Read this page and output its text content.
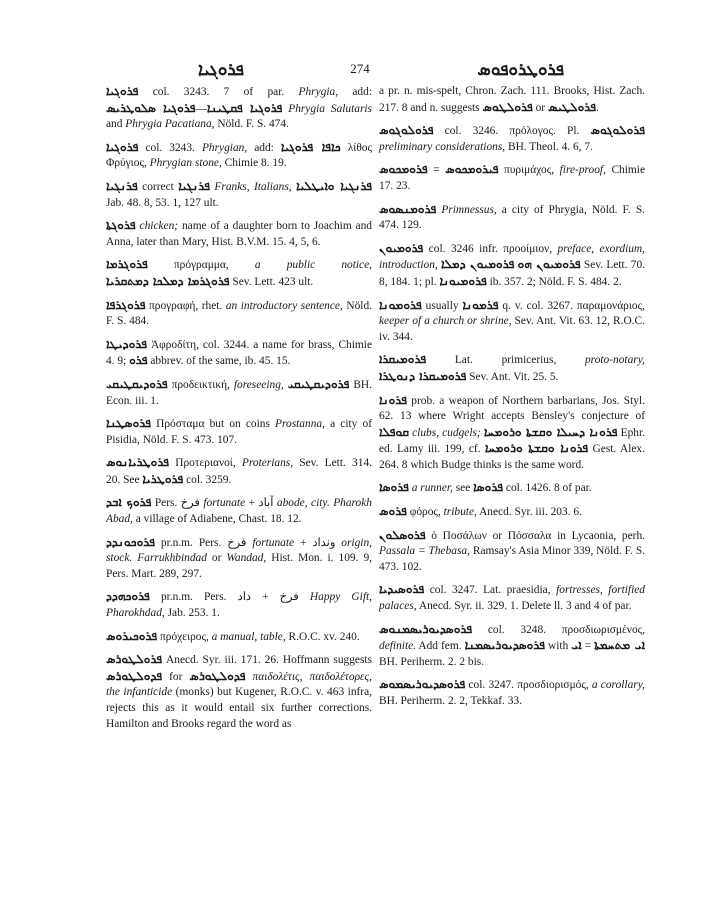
ܦܪܘܓܝܐ	274	ܦܪܘܛܪܘܦܘܣ

ܦܪܘܓܝܐ col. 3243. 7 of par. Phrygia, add: ܦܪܘܓܝܐ ܣܠܘܛܪܝܣ—ܦܪܘܓܝܐ ܦܩܛܝܢܐ Phrygia Salutaris and Phrygia Pacatiana, Nöld. F. S. 474.

ܦܪܘܓܝܐ col. 3243. Phrygian, add: ܟܐܦܐ ܦܪܘܓܝܐ λίθος Φρύγιος, Phrygian stone, Chimie 8. 19.

ܦܪܢܓܝܐ correct ܦܪܢܓܝܐ Franks, Italians, ܦܪܢܓܝܐ ܘܐܝܛܠܝܐ Jab. 48. 8, 53. 1, 127 ult.

ܦܪܘܓܬܐ chicken; name of a daughter born to Joachim and Anna, later than Mary, Hist. B.V.M. 15. 4, 5, 6.

ܦܪܘܓܪܡܐ πρόγραμμα, a public notice, ܦܪܘܓܪܡܐ ܕܡܠܟܐ ܕܡܬܩܪܝܐ Sev. Lett. 423 ult.

ܦܪܘܓܪܦܐ προγραφή, rhet. an introductory sentence, Nöld. F. S. 484.

ܦܪܘܕܝܛܐ Ἀφροδίτη, col. 3244. a name for brass, Chimie 4. 9; ܦܪܘ abbrev. of the same, ib. 45. 15.

ܦܪܘܕܝܩܛܝܩܝ προδεικτική, foreseeing, ܦܪܘܕܝܩܛܝܩܝ BH. Econ. iii. 1.

ܦܪܘܣܛܢܐ Πρόσταμα but on coins Prostanna, a city of Pisidia, Nöld. F. S. 473. 107.

ܦܪܘܛܪܝܐܢܘܣ Προτεριανοί, Proterians, Sev. Lett. 314. 20. See ܦܪܘܛܪܝܐ col. 3259.

ܦܪܘܟ ܐܒܕ Pers. فرخ fortunate + آباد abode, city. Pharokh Abad, a village of Adiabene, Chast. 18. 12.

ܦܪܘܟܘܢܕܕ pr.n.m. Pers. فرخ fortunate + ونداد origin, stock. Farrukhbindad or Wandad, Hist. Mon. i. 109. 9, Pers. Mart. 289, 297.

ܦܪܘܟܗܕܕ pr.n.m. Pers. فرخ + داد Happy Gift, Pharokhdad, Jab. 253. 1.

ܦܪܘܟܝܪܘܣ πρόχειρος, a manual, table, R.O.C. xv. 240.

ܦܪܘܠܛܘܪܣ Anecd. Syr. iii. 171. 26. Hoffmann suggests ܦܕܘܠܛܘܪܣ for ܦܕܘܠܛܘܪܣ παιδολέτις, παιδολέτορες, the infanticide (monks) but Kugener, R.O.C. v. 463 infra, rejects this as it would entail six further corrections. Hamilton and Brooks regard the word as

a pr. n. mis-spelt, Chron. Zach. 111. Brooks, Hist. Zach. 217. 8 and n. suggests ܦܪܘܠܛܘܣ or ܦܪܘܠܛܝܣ.

ܦܪܘܠܘܓܘܣ col. 3246. πρόλογος. Pl. ܦܪܘܠܘܓܘܣ preliminary considerations, BH. Theol. 4. 6, 7.

ܦܪܘܡܟܘܣ = ܦܝܪܘܡܟܘܣ πυριμάχος, fire-proof, Chimie 17. 23.

ܦܪܘܡܢܣܘܣ Primnessus, a city of Phrygia, Nöld. F. S. 474. 129.

ܦܪܘܡܝܘܢ col. 3246 infr. προοίμιον, preface, exordium, introduction, ܦܪܘܡܝܘܢ ܕܡܠܐ ܦܪܘܡܝܘܢ ܗܘ Sev. Lett. 70. 8, 184. 1; pl. ܦܪܘܡܝܘܢܐ ib. 357. 2; Nöld. F. S. 484. 2.

ܦܪܘܡܘܢܐ usually ܦܪܡܘܢܐ q. v. col. 3267. παραμονάριος, keeper of a church or shrine, Sev. Ant. Vit. 63. 12, R.O.C. iv. 344.

ܦܪܘܡܝܩܪܐ Lat. primicerius, proto-notary, ܦܪܘܡܝܩܪܐ ܕܢܘܛܪܐ Sev. Ant. Vit. 25. 5.

ܦܪܘܢܐ prob. a weapon of Northern barbarians, Jos. Styl. 62. 13 where Wright accepts Bensley's conjecture of ܩܘܦܠܐ clubs, cudgels; ܦܪܘܢܐ ܕܚܝܠܐ ܘܩܫܬܐ ܘܪܘܡܚܐ Ephr. ed. Lamy iii. 199, cf. ܦܪܘܢܐ ܘܩܫܬܐ ܘܪܘܡܚܐ Gest. Alex. 264. 8 which Budge thinks is the same word.

ܦܪܘܣܐ a runner, see ܦܪܘܣܐ col. 1426. 8 of par.

ܦܪܘܣ φόρος, tribute, Anecd. Syr. iii. 203. 6.

ܦܪܘܣܠܘܢ ὁ Ποσάλων or Πόσσαλα in Lycaonia, perh. Passala = Thebasa, Ramsay's Asia Minor 339, Nöld. F. S. 473. 102.

ܦܪܘܣܝܕܝܐ col. 3247. Lat. praesidia, fortresses, fortified palaces, Anecd. Syr. ii. 329. 1. Delete ll. 3 and 4 of par.

ܦܪܘܣܕܝܘܪܝܣܡܢܘܣ col. 3248. προσδιωρισμένος, definite. Add fem. ܦܪܘܣܕܝܘܪܝܣܡܢܐ with ܐܝ = ܐܝ ܡܬܚܡܬܐ BH. Periherm. 2. 2 bis.

ܦܪܘܣܕܝܘܪܝܣܡܘܣ col. 3247. προσδιορισμός, a corollary, BH. Periherm. 2. 2, Tekkaf. 33.
